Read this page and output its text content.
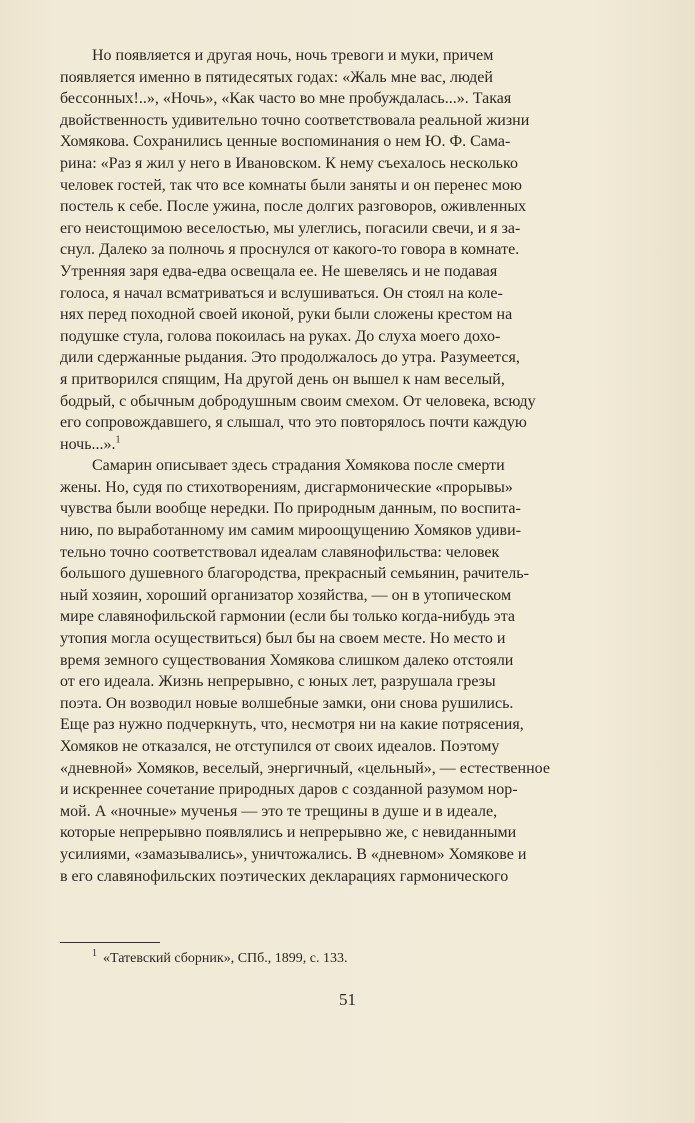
Но появляется и другая ночь, ночь тревоги и муки, причем
появляется именно в пятидесятых годах: «Жаль мне вас, людей
бессонных!..», «Ночь», «Как часто во мне пробуждалась...». Такая
двойственность удивительно точно соответствовала реальной жизни
Хомякова. Сохранились ценные воспоминания о нем Ю. Ф. Сама-
рина: «Раз я жил у него в Ивановском. К нему съехалось несколько
человек гостей, так что все комнаты были заняты и он перенес мою
постель к себе. После ужина, после долгих разговоров, оживленных
его неистощимою веселостью, мы улеглись, погасили свечи, и я за-
снул. Далеко за полночь я проснулся от какого-то говора в комнате.
Утренняя заря едва-едва освещала ее. Не шевелясь и не подавая
голоса, я начал всматриваться и вслушиваться. Он стоял на коле-
нях перед походной своей иконой, руки были сложены крестом на
подушке стула, голова покоилась на руках. До слуха моего дохо-
дили сдержанные рыдания. Это продолжалось до утра. Разумеется,
я притворился спящим, На другой день он вышел к нам веселый,
бодрый, с обычным добродушным своим смехом. От человека, всюду
его сопровождавшего, я слышал, что это повторялось почти каждую
ночь...».$^1$

Самарин описывает здесь страдания Хомякова после смерти
жены. Но, судя по стихотворениям, дисгармонические «прорывы»
чувства были вообще нередки. По природным данным, по воспита-
нию, по выработанному им самим мироощущению Хомяков удиви-
тельно точно соответствовал идеалам славянофильства: человек
большого душевного благородства, прекрасный семьянин, рачитель-
ный хозяин, хороший организатор хозяйства, — он в утопическом
мире славянофильской гармонии (если бы только когда-нибудь эта
утопия могла осуществиться) был бы на своем месте. Но место и
время земного существования Хомякова слишком далеко отстояли
от его идеала. Жизнь непрерывно, с юных лет, разрушала грезы
поэта. Он возводил новые волшебные замки, они снова рушились.
Еще раз нужно подчеркнуть, что, несмотря ни на какие потрясения,
Хомяков не отказался, не отступился от своих идеалов. Поэтому
«дневной» Хомяков, веселый, энергичный, «цельный», — естественное
и искреннее сочетание природных даров с созданной разумом нор-
мой. А «ночные» мученья — это те трещины в душе и в идеале,
которые непрерывно появлялись и непрерывно же, с невиданными
усилиями, «замазывались», уничтожались. В «дневном» Хомякове и
в его славянофильских поэтических декларациях гармонического

$^1$ «Татевский сборник», СПб., 1899, с. 133.
51
